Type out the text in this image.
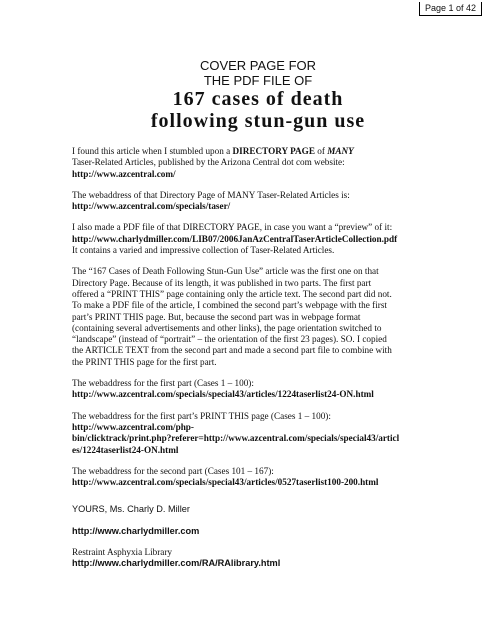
Page 1 of 42
COVER PAGE FOR
THE PDF FILE OF
167 cases of death
following stun-gun use

I found this article when I stumbled upon a DIRECTORY PAGE of MANY

Taser-Related Articles, published by the Arizona Central dot com website:

http://www.azcentral.com/

The webaddress of that Directory Page of MANY Taser-Related Articles is:

http://www.azcentral.com/specials/taser/

I also made a PDF file of that DIRECTORY PAGE, in case you want a “preview” of it:

http://www.charlydmiller.com/LIB07/2006JanAzCentralTaserArticleCollection.pdf

It contains a varied and impressive collection of Taser-Related Articles.

The “167 Cases of Death Following Stun-Gun Use” article was the first one on that

Directory Page. Because of its length, it was published in two parts. The first part

offered a “PRINT THIS” page containing only the article text. The second part did not.

To make a PDF file of the article, I combined the second part’s webpage with the first

part’s PRINT THIS page. But, because the second part was in webpage format

(containing several advertisements and other links), the page orientation switched to

“landscape” (instead of “portrait” – the orientation of the first 23 pages). SO. I copied

the ARTICLE TEXT from the second part and made a second part file to combine with

the PRINT THIS page for the first part.

The webaddress for the first part (Cases 1 – 100):

http://www.azcentral.com/specials/special43/articles/1224taserlist24-ON.html

The webaddress for the first part’s PRINT THIS page (Cases 1 – 100):

http://www.azcentral.com/php-

bin/clicktrack/print.php?referer=http://www.azcentral.com/specials/special43/articl

es/1224taserlist24-ON.html

The webaddress for the second part (Cases 101 – 167):

http://www.azcentral.com/specials/special43/articles/0527taserlist100-200.html

YOURS, Ms. Charly D. Miller

http://www.charlydmiller.com

Restraint Asphyxia Library

http://www.charlydmiller.com/RA/RAlibrary.html
